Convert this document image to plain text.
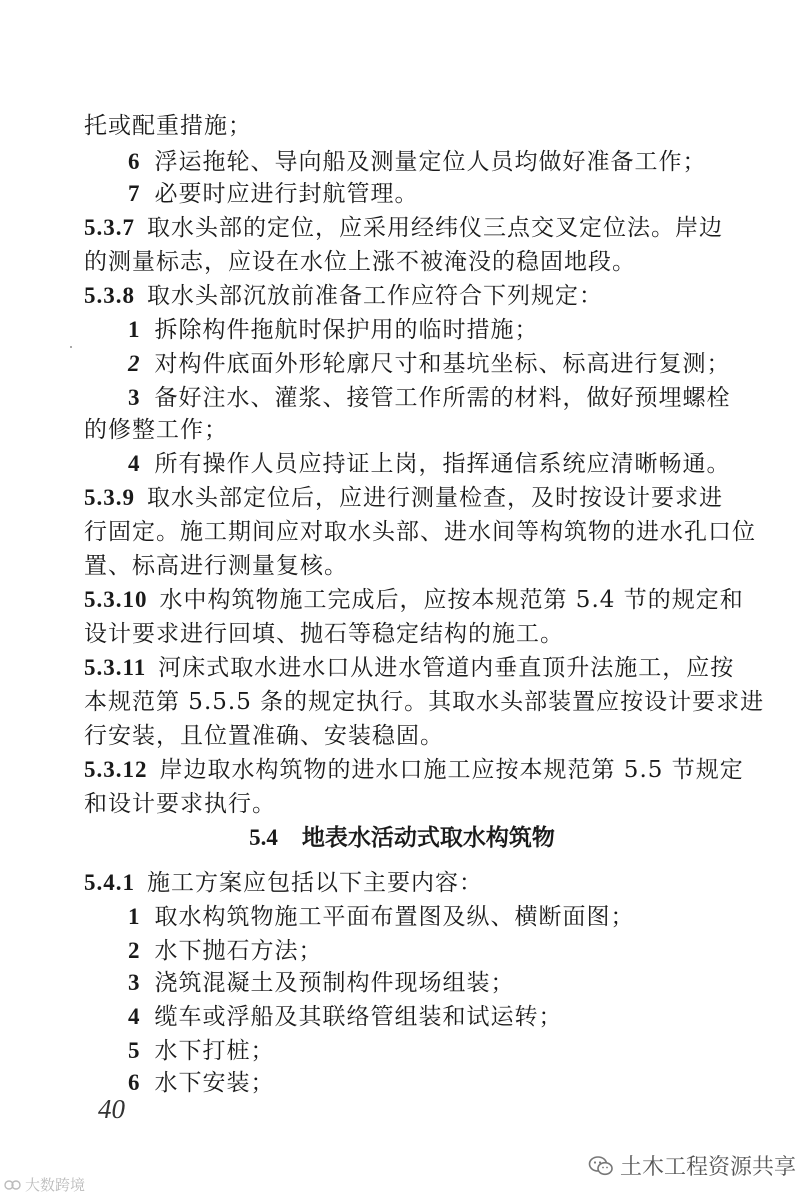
托或配重措施；
6 浮运拖轮、导向船及测量定位人员均做好准备工作；
7 必要时应进行封航管理。
5.3.7 取水头部的定位，应采用经纬仪三点交叉定位法。岸边
的测量标志，应设在水位上涨不被淹没的稳固地段。
5.3.8 取水头部沉放前准备工作应符合下列规定：
1 拆除构件拖航时保护用的临时措施；
2 对构件底面外形轮廓尺寸和基坑坐标、标高进行复测；
3 备好注水、灌浆、接管工作所需的材料，做好预埋螺栓
的修整工作；
4 所有操作人员应持证上岗，指挥通信系统应清晰畅通。
5.3.9 取水头部定位后，应进行测量检查，及时按设计要求进
行固定。施工期间应对取水头部、进水间等构筑物的进水孔口位
置、标高进行测量复核。
5.3.10 水中构筑物施工完成后，应按本规范第 5.4 节的规定和
设计要求进行回填、抛石等稳定结构的施工。
5.3.11 河床式取水进水口从进水管道内垂直顶升法施工，应按
本规范第 5.5.5 条的规定执行。其取水头部装置应按设计要求进
行安装，且位置准确、安装稳固。
5.3.12 岸边取水构筑物的进水口施工应按本规范第 5.5 节规定
和设计要求执行。
5.4 地表水活动式取水构筑物
5.4.1 施工方案应包括以下主要内容：
1 取水构筑物施工平面布置图及纵、横断面图；
2 水下抛石方法；
3 浇筑混凝土及预制构件现场组装；
4 缆车或浮船及其联络管组装和试运转；
5 水下打桩；
6 水下安装；
40
土木工程资源共享
大数跨境
